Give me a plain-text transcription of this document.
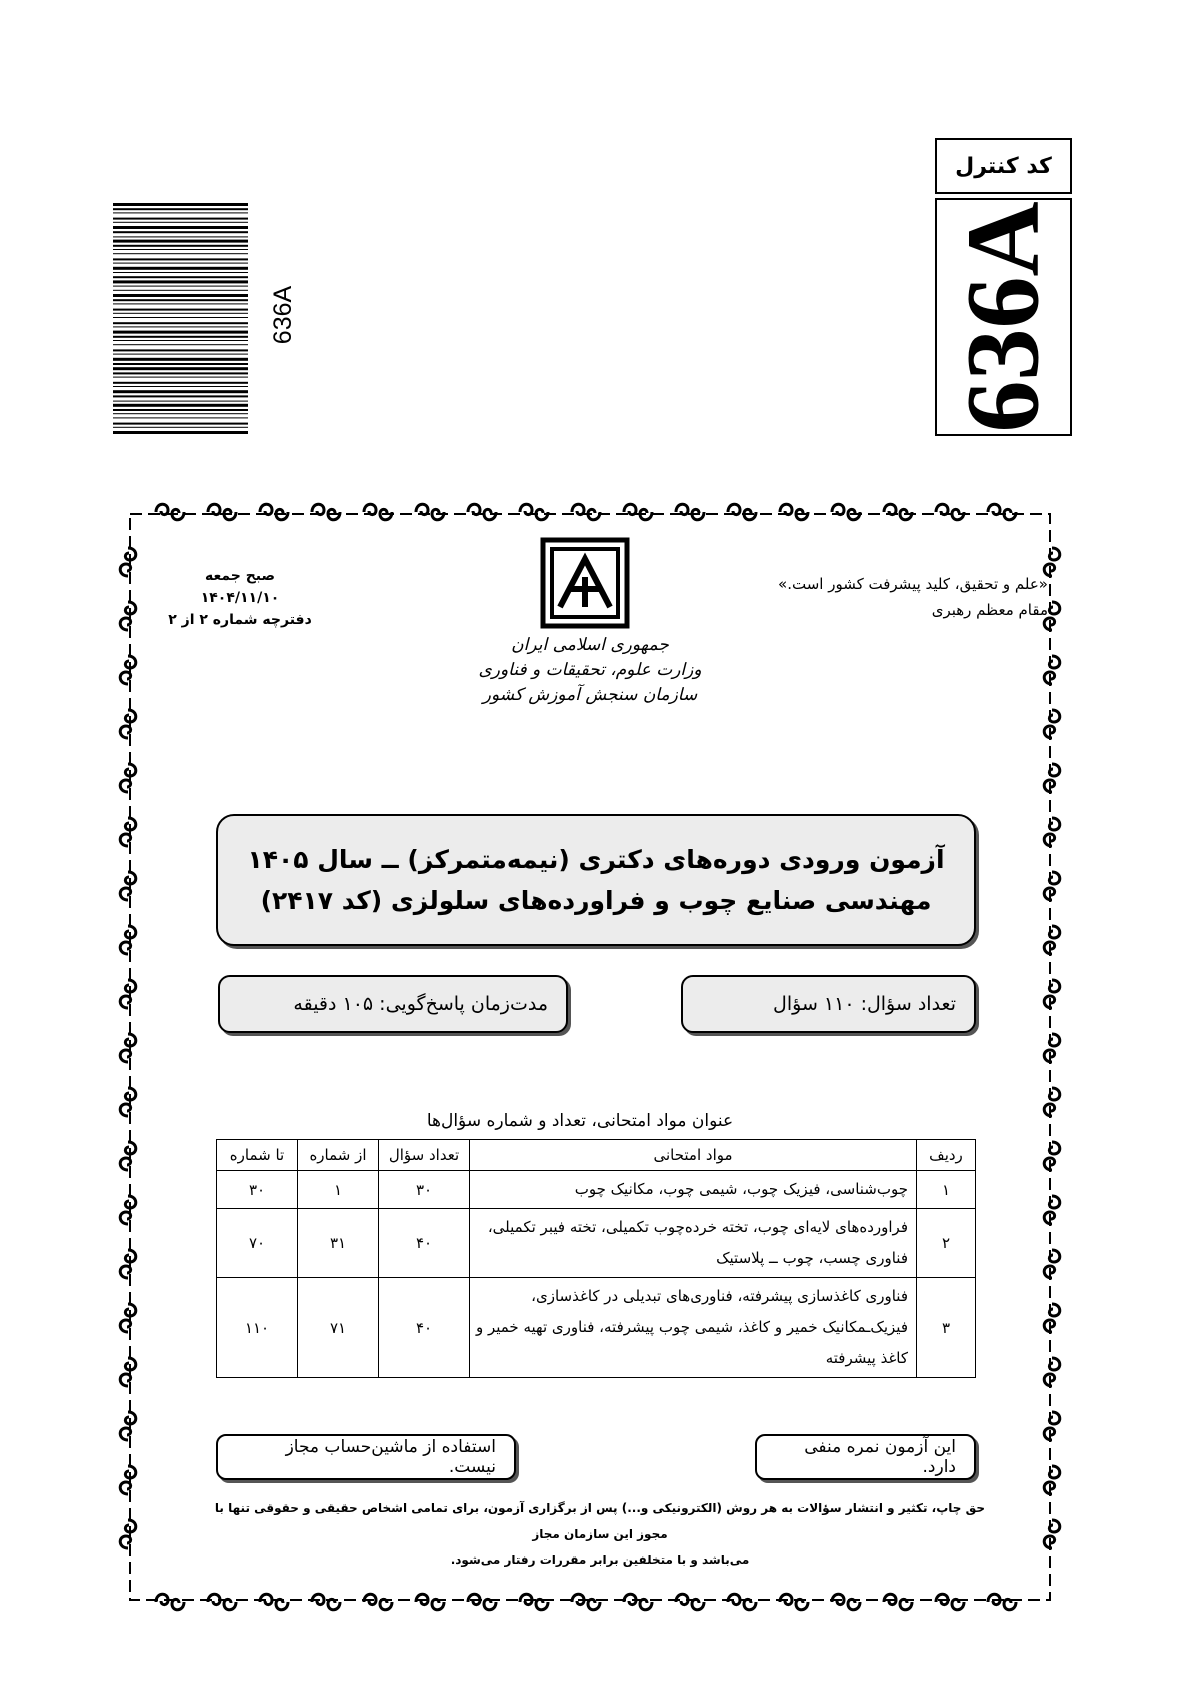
کد کنترل
636A
636A
«علم و تحقیق، کلید پیشرفت کشور است.»
مقام معظم رهبری
جمهوری اسلامی ایران
وزارت علوم، تحقیقات و فناوری
سازمان سنجش آموزش کشور
صبح جمعه
۱۴۰۴/۱۱/۱۰
دفترچه شماره ۲ از ۲
آزمون ورودی دوره‌های دکتری (نیمه‌متمرکز) ــ سال ۱۴۰۵
مهندسی صنایع چوب و فراورده‌های سلولزی (کد ۲۴۱۷)
تعداد سؤال: ۱۱۰ سؤال
مدت‌زمان پاسخ‌گویی: ۱۰۵ دقیقه
عنوان مواد امتحانی، تعداد و شماره سؤال‌ها
ردیف	مواد امتحانی	تعداد سؤال	از شماره	تا شماره
۱	چوب‌شناسی، فیزیک چوب، شیمی چوب، مکانیک چوب	۳۰	۱	۳۰
۲	فراورده‌های لایه‌ای چوب، تخته خرده‌چوب تکمیلی، تخته فیبر تکمیلی، فناوری چسب، چوب ــ پلاستیک	۴۰	۳۱	۷۰
۳	فناوری کاغذسازی پیشرفته، فناوری‌های تبدیلی در کاغذسازی، فیزیک‌ـمکانیک خمیر و کاغذ، شیمی چوب پیشرفته، فناوری تهیه خمیر و کاغذ پیشرفته	۴۰	۷۱	۱۱۰
این آزمون نمره منفی دارد.
استفاده از ماشین‌حساب مجاز نیست.
حق چاپ، تکثیر و انتشار سؤالات به هر روش (الکترونیکی و...) پس از برگزاری آزمون، برای تمامی اشخاص حقیقی و حقوقی تنها با مجوز این سازمان مجاز
می‌باشد و با متخلفین برابر مقررات رفتار می‌شود.
